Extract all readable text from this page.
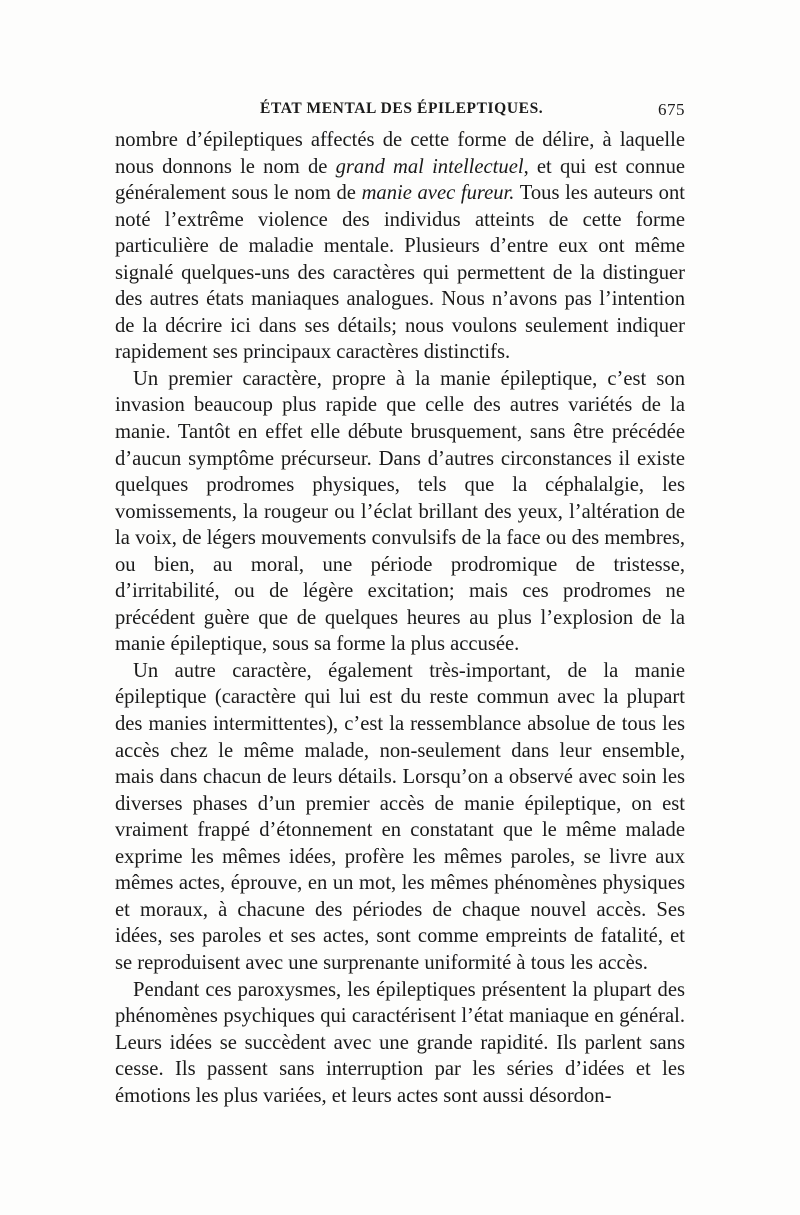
ÉTAT MENTAL DES ÉPILEPTIQUES.	675

nombre d’épileptiques affectés de cette forme de délire, à laquelle nous donnons le nom de grand mal intellectuel, et qui est connue généralement sous le nom de manie avec fureur. Tous les auteurs ont noté l’extrême violence des individus atteints de cette forme particulière de maladie mentale. Plusieurs d’entre eux ont même signalé quelques-uns des caractères qui permettent de la distinguer des autres états maniaques analogues. Nous n’avons pas l’intention de la décrire ici dans ses détails; nous voulons seulement indiquer rapidement ses principaux caractères distinctifs.

Un premier caractère, propre à la manie épileptique, c’est son invasion beaucoup plus rapide que celle des autres variétés de la manie. Tantôt en effet elle débute brusquement, sans être précédée d’aucun symptôme précurseur. Dans d’autres circonstances il existe quelques prodromes physiques, tels que la céphalalgie, les vomissements, la rougeur ou l’éclat brillant des yeux, l’altération de la voix, de légers mouvements convulsifs de la face ou des membres, ou bien, au moral, une période prodromique de tristesse, d’irritabilité, ou de légère excitation; mais ces prodromes ne précédent guère que de quelques heures au plus l’explosion de la manie épileptique, sous sa forme la plus accusée.

Un autre caractère, également très-important, de la manie épileptique (caractère qui lui est du reste commun avec la plupart des manies intermittentes), c’est la ressemblance absolue de tous les accès chez le même malade, non-seulement dans leur ensemble, mais dans chacun de leurs détails. Lorsqu’on a observé avec soin les diverses phases d’un premier accès de manie épileptique, on est vraiment frappé d’étonnement en constatant que le même malade exprime les mêmes idées, profère les mêmes paroles, se livre aux mêmes actes, éprouve, en un mot, les mêmes phénomènes physiques et moraux, à chacune des périodes de chaque nouvel accès. Ses idées, ses paroles et ses actes, sont comme empreints de fatalité, et se reproduisent avec une surprenante uniformité à tous les accès.

Pendant ces paroxysmes, les épileptiques présentent la plupart des phénomènes psychiques qui caractérisent l’état maniaque en général. Leurs idées se succèdent avec une grande rapidité. Ils parlent sans cesse. Ils passent sans interruption par les séries d’idées et les émotions les plus variées, et leurs actes sont aussi désordon-
